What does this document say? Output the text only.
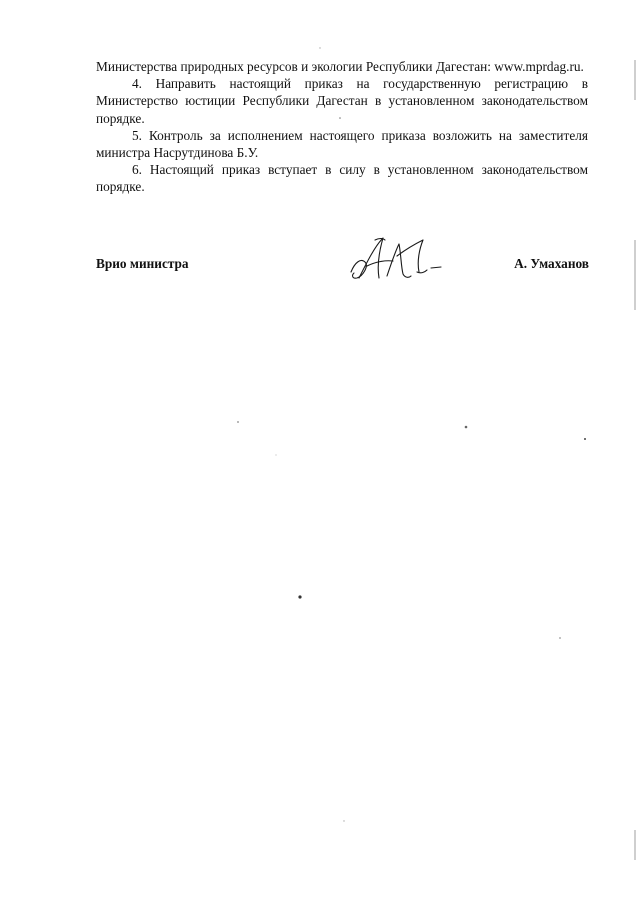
Министерства природных ресурсов и экологии Республики Дагестан: www.mprdag.ru.

4. Направить настоящий приказ на государственную регистрацию в Министерство юстиции Республики Дагестан в установленном законодательством порядке.

5. Контроль за исполнением настоящего приказа возложить на заместителя министра Насрутдинова Б.У.

6. Настоящий приказ вступает в силу в установленном законодательством порядке.

Врио министра	А. Умаханов
